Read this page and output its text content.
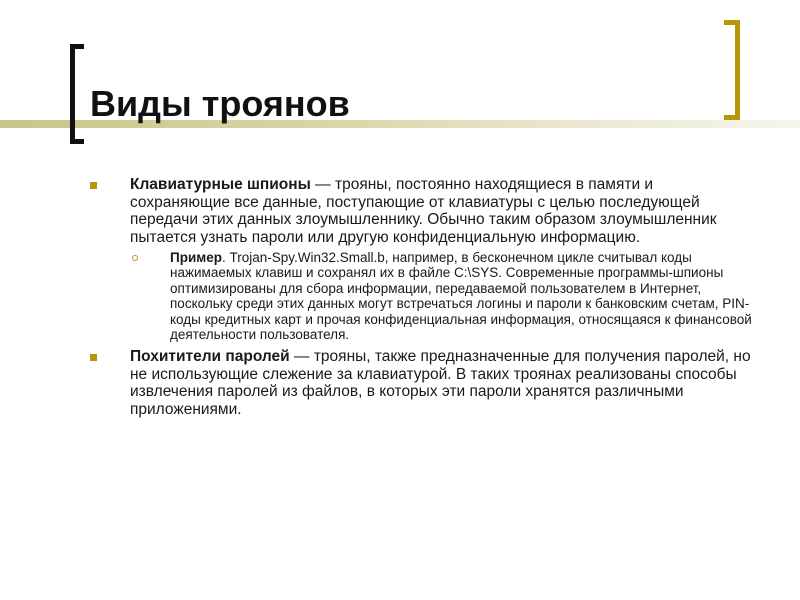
Виды троянов
Клавиатурные шпионы — трояны, постоянно находящиеся в памяти и сохраняющие все данные, поступающие от клавиатуры с целью последующей передачи этих данных злоумышленнику. Обычно таким образом злоумышленник пытается узнать пароли или другую конфиденциальную информацию.
Пример. Trojan-Spy.Win32.Small.b, например, в бесконечном цикле считывал коды нажимаемых клавиш и сохранял их в файле C:\SYS. Современные программы-шпионы оптимизированы для сбора информации, передаваемой пользователем в Интернет, поскольку среди этих данных могут встречаться логины и пароли к банковским счетам, PIN-коды кредитных карт и прочая конфиденциальная информация, относящаяся к финансовой деятельности пользователя.
Похитители паролей — трояны, также предназначенные для получения паролей, но не использующие слежение за клавиатурой. В таких троянах реализованы способы извлечения паролей из файлов, в которых эти пароли хранятся различными приложениями.
